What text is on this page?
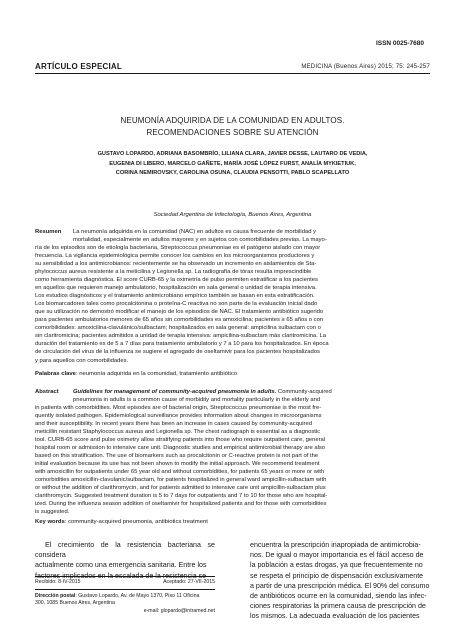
ISSN 0025-7680
ARTÍCULO ESPECIAL	MEDICINA (Buenos Aires) 2015; 75: 245-257
NEUMONÍA ADQUIRIDA DE LA COMUNIDAD EN ADULTOS.
RECOMENDACIONES SOBRE SU ATENCIÓN
GUSTAVO LOPARDO, ADRIANA BASOMBRÍO, LILIANA CLARA, JAVIER DESSE, LAUTARO DE VEDIA,
EUGENIA DI LIBERO, MARCELO GAÑETE, MARÍA JOSÉ LÓPEZ FURST, ANALÍA MYKIETIUK,
CORINA NEMIROVSKY, CAROLINA OSUNA, CLAUDIA PENSOTTI, PABLO SCAPELLATO
Sociedad Argentina de Infectología, Buenos Aires, Argentina
Resumen La neumonía adquirida en la comunidad (NAC) en adultos es causa frecuente de morbilidad y
mortalidad, especialmente en adultos mayores y en sujetos con comorbilidades previas. La mayo-
ría de los episodios son de etiología bacteriana, Streptococcus pneumoniae es el patógeno aislado con mayor
frecuencia. La vigilancia epidemiológica permite conocer los cambios en los microorganismos productores y
su sensibilidad a los antimicrobianos: recientemente se ha observado un incremento en aislamientos de Sta-
phylococcus aureus resistente a la meticilina y Legionella sp. La radiografía de tórax resulta imprescindible
como herramienta diagnóstica. El score CURB-65 y la oximetría de pulso permiten estratificar a los pacientes
en aquellos que requieren manejo ambulatorio, hospitalización en sala general o unidad de terapia intensiva.
Los estudios diagnósticos y el tratamiento antimicrobiano empírico también se basan en esta estratificación.
Los biomarcadores tales como procalcitonina o proteína-C reactiva no son parte de la evaluación inicial dado
que su utilización no demostró modificar el manejo de los episodios de NAC. El tratamiento antibiótico sugerido
para pacientes ambulatorios menores de 65 años sin comorbilidades es amoxicilina; pacientes ≥ 65 años o con
comorbilidades: amoxicilina-clavulánico/sulbactam; hospitalizados en sala general: ampicilina sulbactam con o
sin claritromicina; pacientes admitidos a unidad de terapia intensiva: ampicilina-sulbactam más claritromicina. La
duración del tratamiento es de 5 a 7 días para tratamiento ambulatorio y 7 a 10 para los hospitalizados. En época
de circulación del virus de la influenza se sugiere el agregado de oseltamivir para los pacientes hospitalizados
y para aquellos con comorbilidades.
Palabras clave: neumonía adquirida en la comunidad, tratamiento antibiótico
Abstract Guidelines for management of community-acquired pneumonia in adults. Community-acquired
pneumonia in adults is a common cause of morbidity and mortality particularly in the elderly and
in patients with comorbidities. Most episodes are of bacterial origin, Streptococcus pneumoniae is the most fre-
quently isolated pathogen. Epidemiological surveillance provides information about changes in microorganisms
and their susceptibility. In recent years there has been an increase in cases caused by community-acquired
meticillin resistant Staphylococcus aureus and Legionella sp. The chest radiograph is essential as a diagnostic
tool. CURB-65 score and pulse oximetry allow stratifying patients into those who require outpatient care, general
hospital room or admission to intensive care unit. Diagnostic studies and empirical antimicrobial therapy are also
based on this stratification. The use of biomarkers such as procalcitonin or C-reactive protein is not part of the
initial evaluation because its use has not been shown to modify the initial approach. We recommend treatment
with amoxicillin for outpatients under 65 year old and without comorbidities, for patients 65 years or more or with
comorbidities amoxicillin-clavulanic/sulbactam, for patients hospitalized in general ward ampicillin-sulbactam with
or without the addition of clarithromycin, and for patients admitted to intensive care unit ampicillin-sulbactam plus
clarithromycin. Suggested treatment duration is 5 to 7 days for outpatients and 7 to 10 for those who are hospital-
ized. During the influenza season addition of oseltamivir for hospitalized patients and for those with comorbidities
is suggested.
Key words: community-acquired pneumonia, antibiotics treatment
El crecimiento de la resistencia bacteriana se considera
actualmente como una emergencia sanitaria. Entre los
factores implicados en la escalada de la resistencia se
encuentra la prescripción inapropiada de antimicrobia-
nos. De igual o mayor importancia es el fácil acceso de
la población a estas drogas, ya que frecuentemente no
se respeta el principio de dispensación exclusivamente
a partir de una prescripción médica. El 90% del consumo
de antibióticos ocurre en la comunidad, siendo las infec-
ciones respiratorias la primera causa de prescripción de
los mismos. La adecuada evaluación de los pacientes
Recibido: 8-IV-2015	Aceptado: 27-VII-2015
Dirección postal: Gustavo Lopardo, Av. de Mayo 1370, Piso 11 Oficina
300, 1085 Buenos Aires, Argentina
e-mail: glopardo@intramed.net
